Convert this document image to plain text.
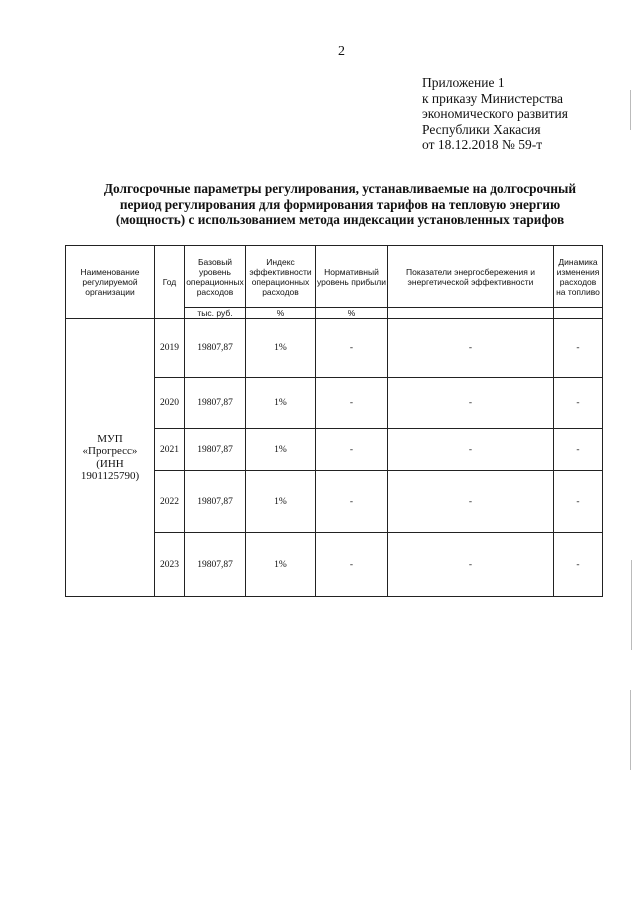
2
Приложение 1
к приказу Министерства
экономического развития
Республики Хакасия
от 18.12.2018 № 59-т
Долгосрочные параметры регулирования, устанавливаемые на долгосрочный
период регулирования для формирования тарифов на тепловую энергию
(мощность) с использованием метода индексации установленных тарифов
Наименование регулируемой организации	Год	Базовый уровень операционных расходов	Индекс эффективности операционных расходов	Нормативный уровень прибыли	Показатели энергосбережения и энергетической эффективности	Динамика изменения расходов на топливо
		тыс. руб.	%	%		

МУП
«Прогресс»
(ИНН
1901125790)	2019	19807,87	1%	-	-	-
	2020	19807,87	1%	-	-	-
	2021	19807,87	1%	-	-	-
	2022	19807,87	1%	-	-	-
	2023	19807,87	1%	-	-	-
